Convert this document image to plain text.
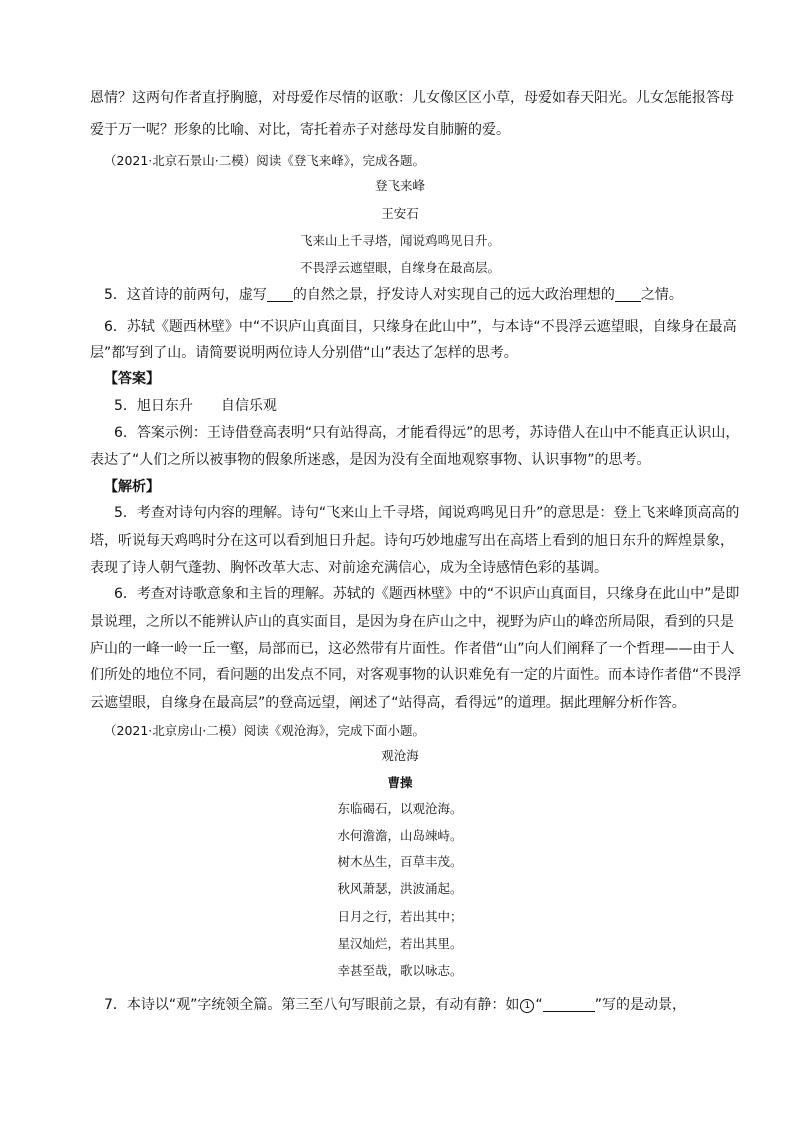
恩情？这两句作者直抒胸臆，对母爱作尽情的讴歌：儿女像区区小草，母爱如春天阳光。儿女怎能报答母
爱于万一呢？形象的比喻、对比，寄托着赤子对慈母发自肺腑的爱。
（2021·北京石景山·二模）阅读《登飞来峰》，完成各题。
登飞来峰
王安石
飞来山上千寻塔，闻说鸡鸣见日升。
不畏浮云遮望眼，自缘身在最高层。
5．这首诗的前两句，虚写 的自然之景，抒发诗人对实现自己的远大政治理想的 之情。
6．苏轼《题西林壁》中“不识庐山真面目，只缘身在此山中”，与本诗“不畏浮云遮望眼，自缘身在最高
层”都写到了山。请简要说明两位诗人分别借“山”表达了怎样的思考。
【答案】
5．旭日东升　　自信乐观
6．答案示例：王诗借登高表明“只有站得高，才能看得远”的思考，苏诗借人在山中不能真正认识山，
表达了“人们之所以被事物的假象所迷惑，是因为没有全面地观察事物、认识事物”的思考。
【解析】
5．考查对诗句内容的理解。诗句“飞来山上千寻塔，闻说鸡鸣见日升”的意思是：登上飞来峰顶高高的
塔，听说每天鸡鸣时分在这可以看到旭日升起。诗句巧妙地虚写出在高塔上看到的旭日东升的辉煌景象，
表现了诗人朝气蓬勃、胸怀改革大志、对前途充满信心，成为全诗感情色彩的基调。
6．考查对诗歌意象和主旨的理解。苏轼的《题西林壁》中的“不识庐山真面目，只缘身在此山中”是即
景说理，之所以不能辨认庐山的真实面目，是因为身在庐山之中，视野为庐山的峰峦所局限，看到的只是
庐山的一峰一岭一丘一壑，局部而已，这必然带有片面性。作者借“山”向人们阐释了一个哲理——由于人
们所处的地位不同，看问题的出发点不同，对客观事物的认识难免有一定的片面性。而本诗作者借“不畏浮
云遮望眼，自缘身在最高层”的登高远望，阐述了“站得高，看得远”的道理。据此理解分析作答。
（2021·北京房山·二模）阅读《观沧海》，完成下面小题。
观沧海
曹操
东临碣石，以观沧海。
水何澹澹，山岛竦峙。
树木丛生，百草丰茂。
秋风萧瑟，洪波涌起。
日月之行，若出其中；
星汉灿烂，若出其里。
幸甚至哉，歌以咏志。
7．本诗以“观”字统领全篇。第三至八句写眼前之景，有动有静：如 1 “	”写的是动景，
